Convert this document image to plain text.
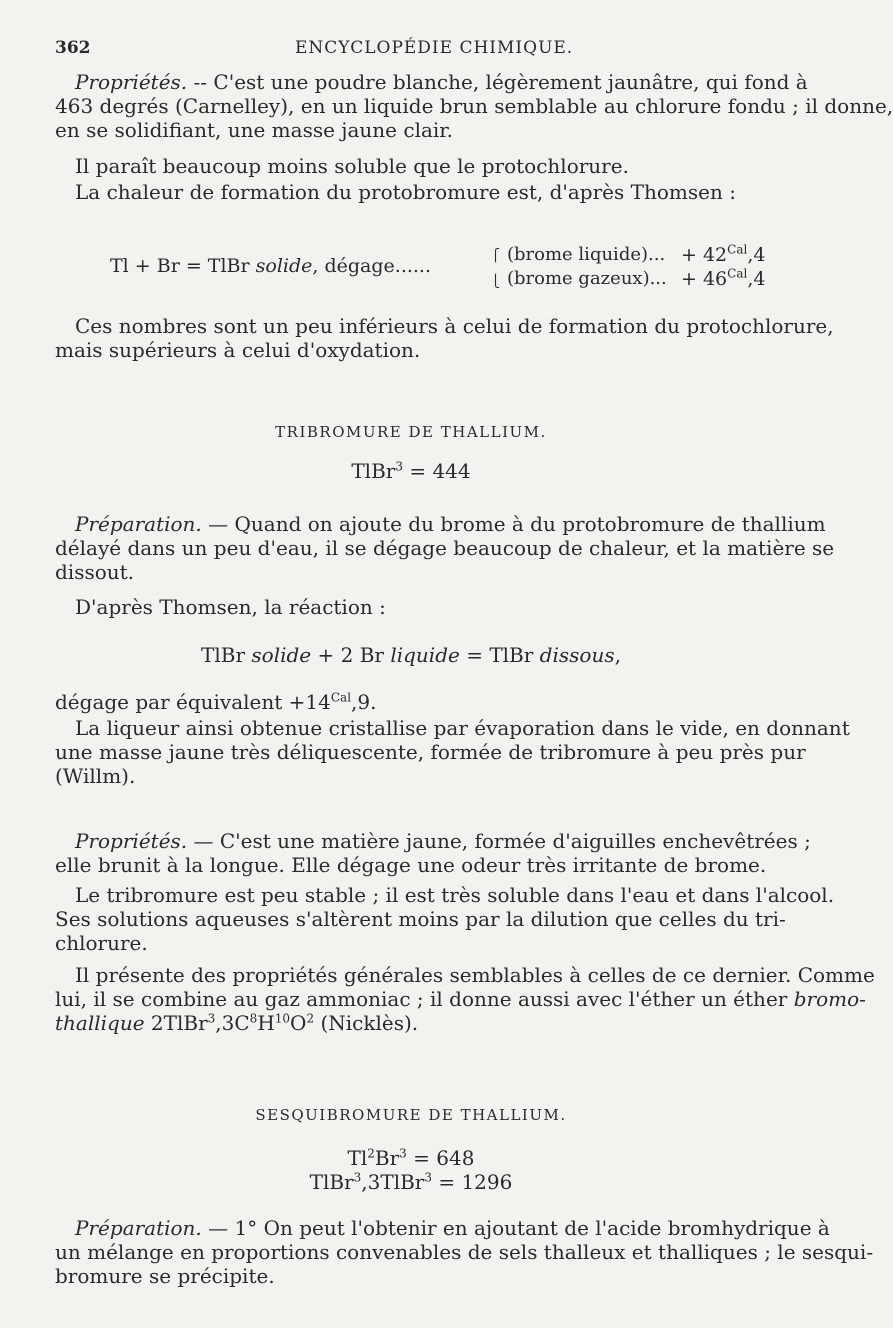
362	ENCYCLOPÉDIE CHIMIQUE.
Propriétés. -- C'est une poudre blanche, légèrement jaunâtre, qui fond à
463 degrés (Carnelley), en un liquide brun semblable au chlorure fondu ; il donne,
en se solidifiant, une masse jaune clair.
Il paraît beaucoup moins soluble que le protochlorure.
La chaleur de formation du protobromure est, d'après Thomsen :
Tl + Br = TlBr solide, dégage......	⎧
⎩
(brome liquide)... + $42^{Cal},4$
(brome gazeux)... + $46^{Cal},4$
Ces nombres sont un peu inférieurs à celui de formation du protochlorure,
mais supérieurs à celui d'oxydation.
TRIBROMURE DE THALLIUM.
TlBr$^3$ = 444
Préparation. — Quand on ajoute du brome à du protobromure de thallium
délayé dans un peu d'eau, il se dégage beaucoup de chaleur, et la matière se
dissout.
D'après Thomsen, la réaction :
TlBr solide + 2 Br liquide = TlBr dissous,
dégage par équivalent $+14^{Cal},9$.
La liqueur ainsi obtenue cristallise par évaporation dans le vide, en donnant
une masse jaune très déliquescente, formée de tribromure à peu près pur
(Willm).
Propriétés. — C'est une matière jaune, formée d'aiguilles enchevêtrées ;
elle brunit à la longue. Elle dégage une odeur très irritante de brome.
Le tribromure est peu stable ; il est très soluble dans l'eau et dans l'alcool.
Ses solutions aqueuses s'altèrent moins par la dilution que celles du tri-
chlorure.
Il présente des propriétés générales semblables à celles de ce dernier. Comme
lui, il se combine au gaz ammoniac ; il donne aussi avec l'éther un éther bromo-
thallique $2TlBr^3,3C^8H^{10}O^2$ (Nicklès).
SESQUIBROMURE DE THALLIUM.
$Tl^2Br^3 = 648$
TlBr$^3$,3TlBr$^3$ = 1296
Préparation. — 1° On peut l'obtenir en ajoutant de l'acide bromhydrique à
un mélange en proportions convenables de sels thalleux et thalliques ; le sesqui-
bromure se précipite.
